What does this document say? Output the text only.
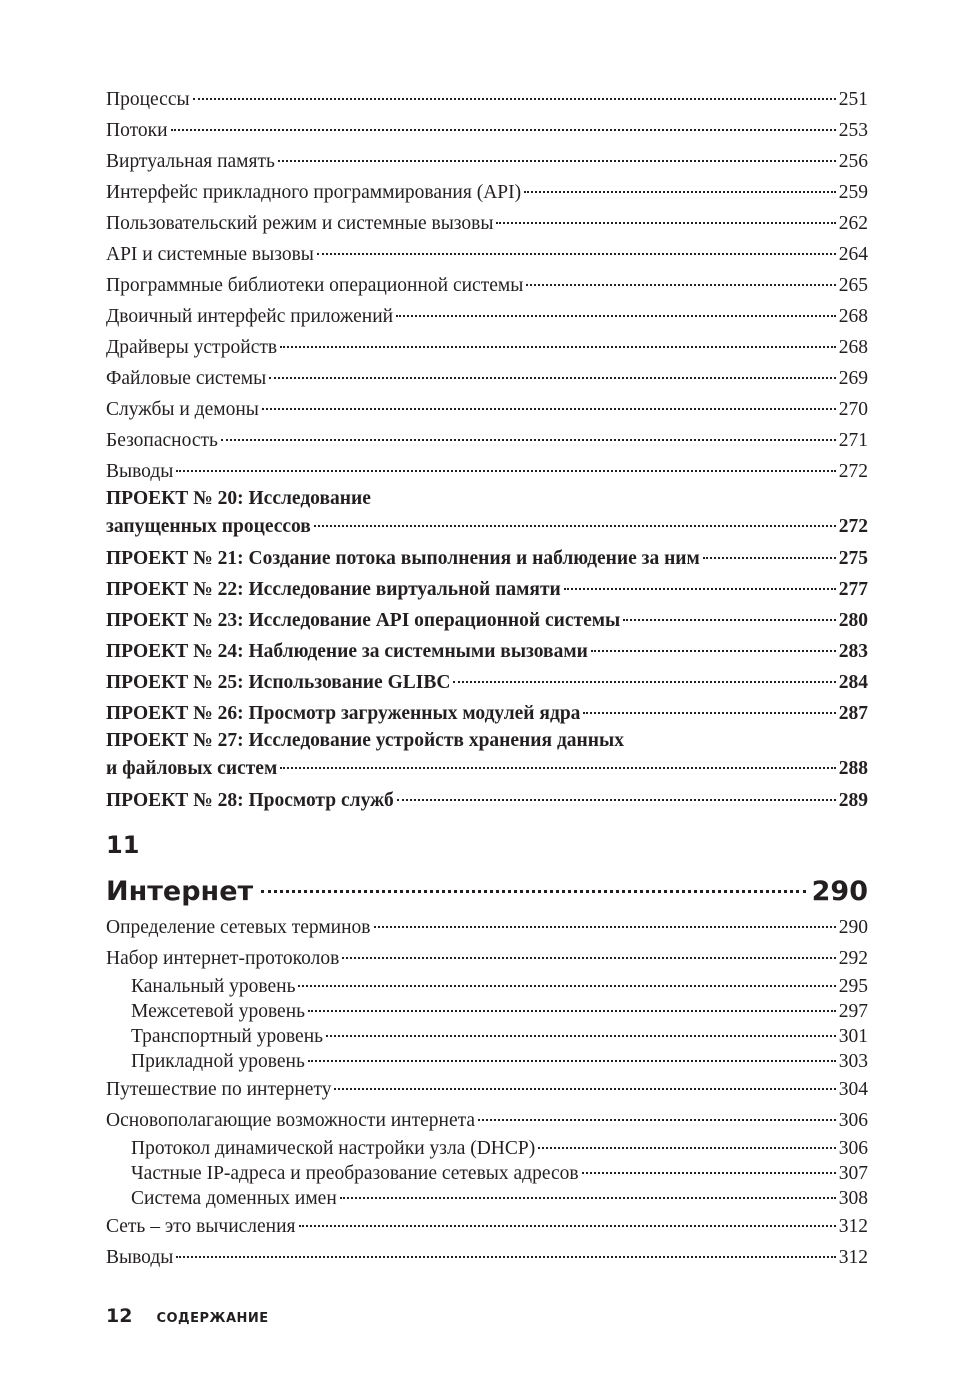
Процессы	251
Потоки	253
Виртуальная память	256
Интерфейс прикладного программирования (API)	259
Пользовательский режим и системные вызовы	262
API и системные вызовы	264
Программные библиотеки операционной системы	265
Двоичный интерфейс приложений	268
Драйверы устройств	268
Файловые системы	269
Службы и демоны	270
Безопасность	271
Выводы	272
ПРОЕКТ № 20: Исследование
запущенных процессов	272
ПРОЕКТ № 21: Создание потока выполнения и наблюдение за ним	275
ПРОЕКТ № 22: Исследование виртуальной памяти	277
ПРОЕКТ № 23: Исследование API операционной системы	280
ПРОЕКТ № 24: Наблюдение за системными вызовами	283
ПРОЕКТ № 25: Использование GLIBC	284
ПРОЕКТ № 26: Просмотр загруженных модулей ядра	287
ПРОЕКТ № 27: Исследование устройств хранения данных
и файловых систем	288
ПРОЕКТ № 28: Просмотр служб	289
11
Интернет	290
Определение сетевых терминов	290
Набор интернет-протоколов	292
Канальный уровень	295
Межсетевой уровень	297
Транспортный уровень	301
Прикладной уровень	303
Путешествие по интернету	304
Основополагающие возможности интернета	306
Протокол динамической настройки узла (DHCP)	306
Частные IP-адреса и преобразование сетевых адресов	307
Система доменных имен	308
Сеть – это вычисления	312
Выводы	312
12 СОДЕРЖАНИЕ
